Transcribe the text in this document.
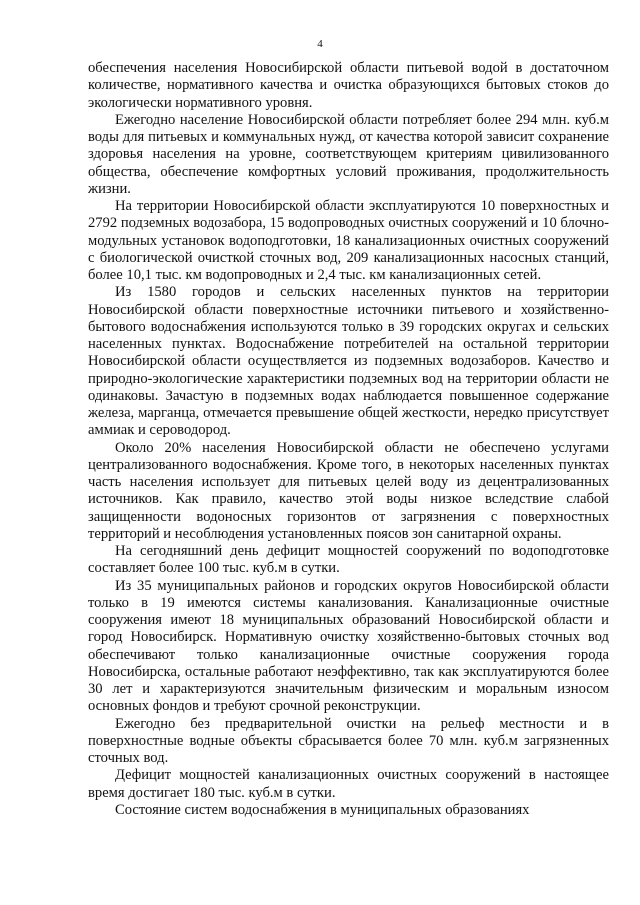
4

обеспечения населения Новосибирской области питьевой водой в достаточном количестве, нормативного качества и очистка образующихся бытовых стоков до экологически нормативного уровня.

Ежегодно население Новосибирской области потребляет более 294 млн. куб.м воды для питьевых и коммунальных нужд, от качества которой зависит сохранение здоровья населения на уровне, соответствующем критериям цивилизованного общества, обеспечение комфортных условий проживания, продолжительность жизни.

На территории Новосибирской области эксплуатируются 10 поверхностных и 2792 подземных водозабора, 15 водопроводных очистных сооружений и 10 блочно-модульных установок водоподготовки, 18 канализационных очистных сооружений с биологической очисткой сточных вод, 209 канализационных насосных станций, более 10,1 тыс. км водопроводных и 2,4 тыс. км канализационных сетей.

Из 1580 городов и сельских населенных пунктов на территории Новосибирской области поверхностные источники питьевого и хозяйственно-бытового водоснабжения используются только в 39 городских округах и сельских населенных пунктах. Водоснабжение потребителей на остальной территории Новосибирской области осуществляется из подземных водозаборов. Качество и природно-экологические характеристики подземных вод на территории области не одинаковы. Зачастую в подземных водах наблюдается повышенное содержание железа, марганца, отмечается превышение общей жесткости, нередко присутствует аммиак и сероводород.

Около 20% населения Новосибирской области не обеспечено услугами централизованного водоснабжения. Кроме того, в некоторых населенных пунктах часть населения использует для питьевых целей воду из децентрализованных источников. Как правило, качество этой воды низкое вследствие слабой защищенности водоносных горизонтов от загрязнения с поверхностных территорий и несоблюдения установленных поясов зон санитарной охраны.

На сегодняшний день дефицит мощностей сооружений по водоподготовке составляет более 100 тыс. куб.м в сутки.

Из 35 муниципальных районов и городских округов Новосибирской области только в 19 имеются системы канализования. Канализационные очистные сооружения имеют 18 муниципальных образований Новосибирской области и город Новосибирск. Нормативную очистку хозяйственно-бытовых сточных вод обеспечивают только канализационные очистные сооружения города Новосибирска, остальные работают неэффективно, так как эксплуатируются более 30 лет и характеризуются значительным физическим и моральным износом основных фондов и требуют срочной реконструкции.

Ежегодно без предварительной очистки на рельеф местности и в поверхностные водные объекты сбрасывается более 70 млн. куб.м загрязненных сточных вод.

Дефицит мощностей канализационных очистных сооружений в настоящее время достигает 180 тыс. куб.м в сутки.

Состояние систем водоснабжения в муниципальных образованиях
